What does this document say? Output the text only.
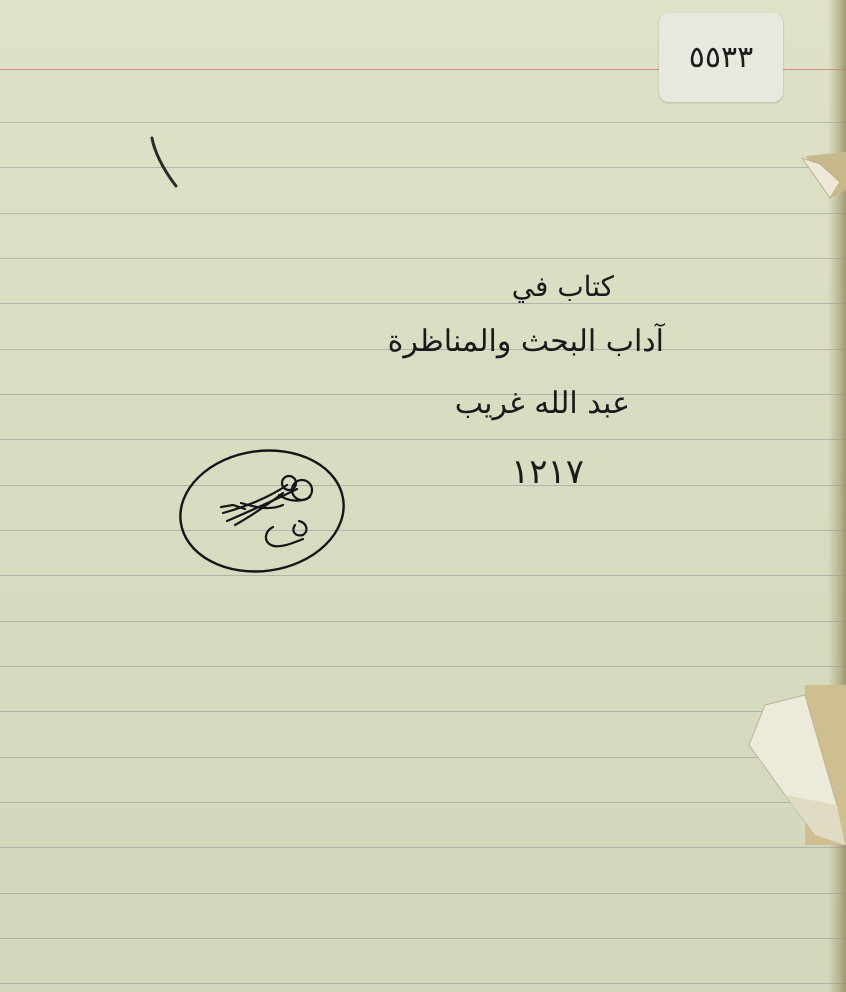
٥٥٣٣
كتاب في
آداب البحث والمناظرة
عبد الله غريب
١٢١٧
